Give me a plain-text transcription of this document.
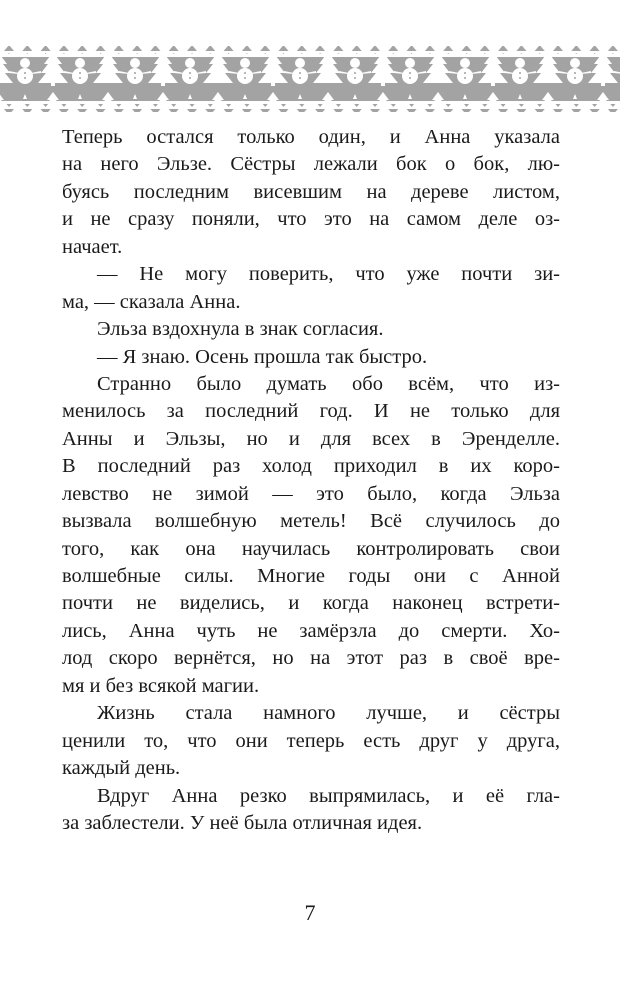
Теперь остался только один, и Анна указала
на него Эльзе. Сёстры лежали бок о бок, лю-
буясь последним висевшим на дереве листом,
и не сразу поняли, что это на самом деле оз-
начает.
— Не могу поверить, что уже почти зи-
ма, — сказала Анна.
Эльза вздохнула в знак согласия.
— Я знаю. Осень прошла так быстро.
Странно было думать обо всём, что из-
менилось за последний год. И не только для
Анны и Эльзы, но и для всех в Эренделле.
В последний раз холод приходил в их коро-
левство не зимой — это было, когда Эльза
вызвала волшебную метель! Всё случилось до
того, как она научилась контролировать свои
волшебные силы. Многие годы они с Анной
почти не виделись, и когда наконец встрети-
лись, Анна чуть не замёрзла до смерти. Хо-
лод скоро вернётся, но на этот раз в своё вре-
мя и без всякой магии.
Жизнь стала намного лучше, и сёстры
ценили то, что они теперь есть друг у друга,
каждый день.
Вдруг Анна резко выпрямилась, и её гла-
за заблестели. У неё была отличная идея.
7
